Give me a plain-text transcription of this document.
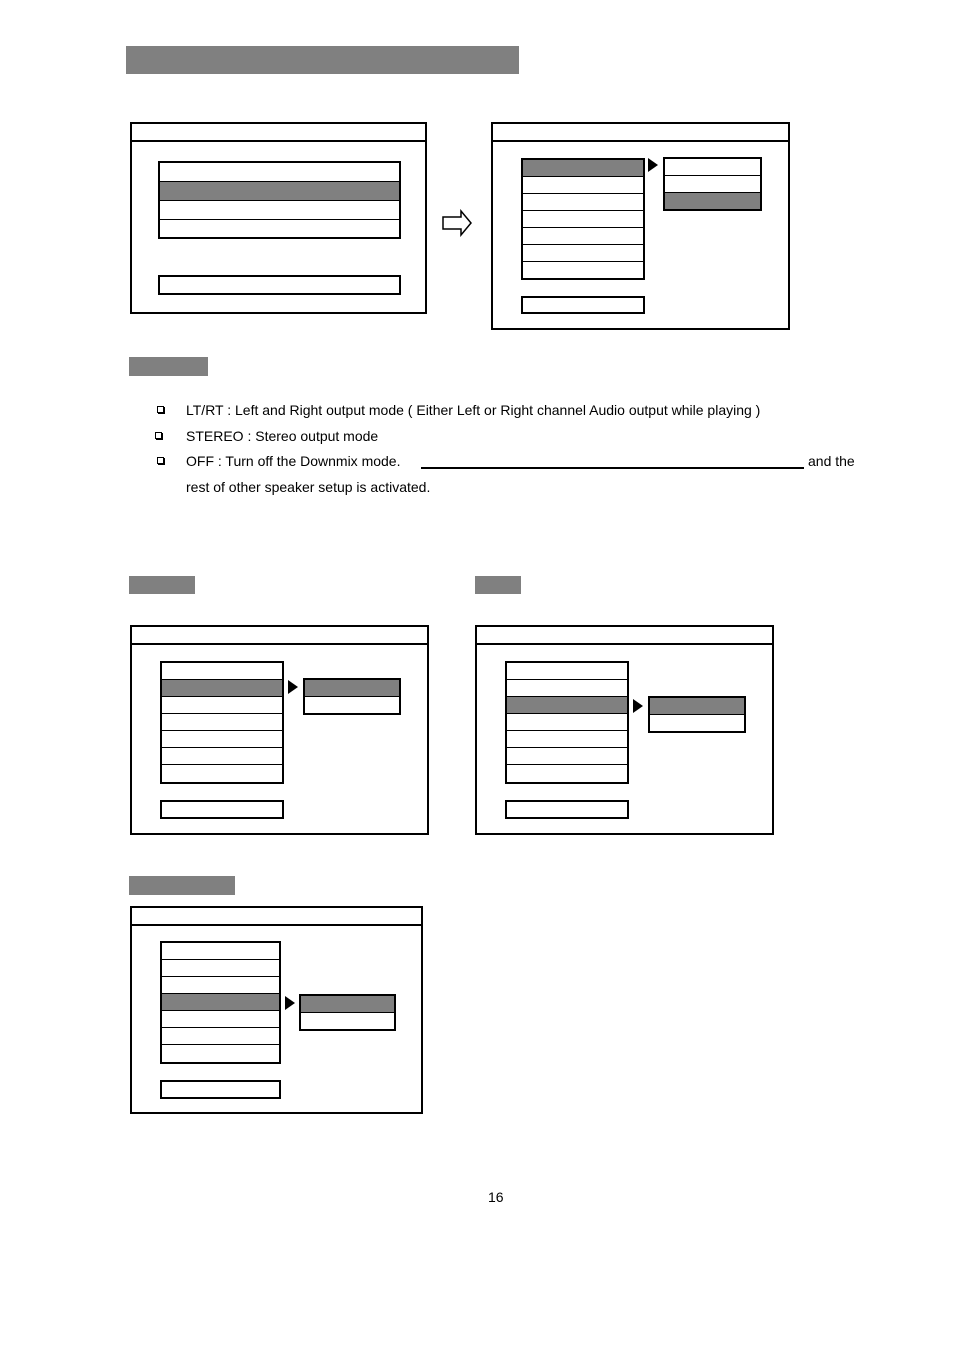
LT/RT : Left and Right output mode ( Either Left or Right channel Audio output while playing )
STEREO : Stereo output mode
OFF : Turn off the Downmix mode.	and the
rest of other speaker setup is activated.
16
